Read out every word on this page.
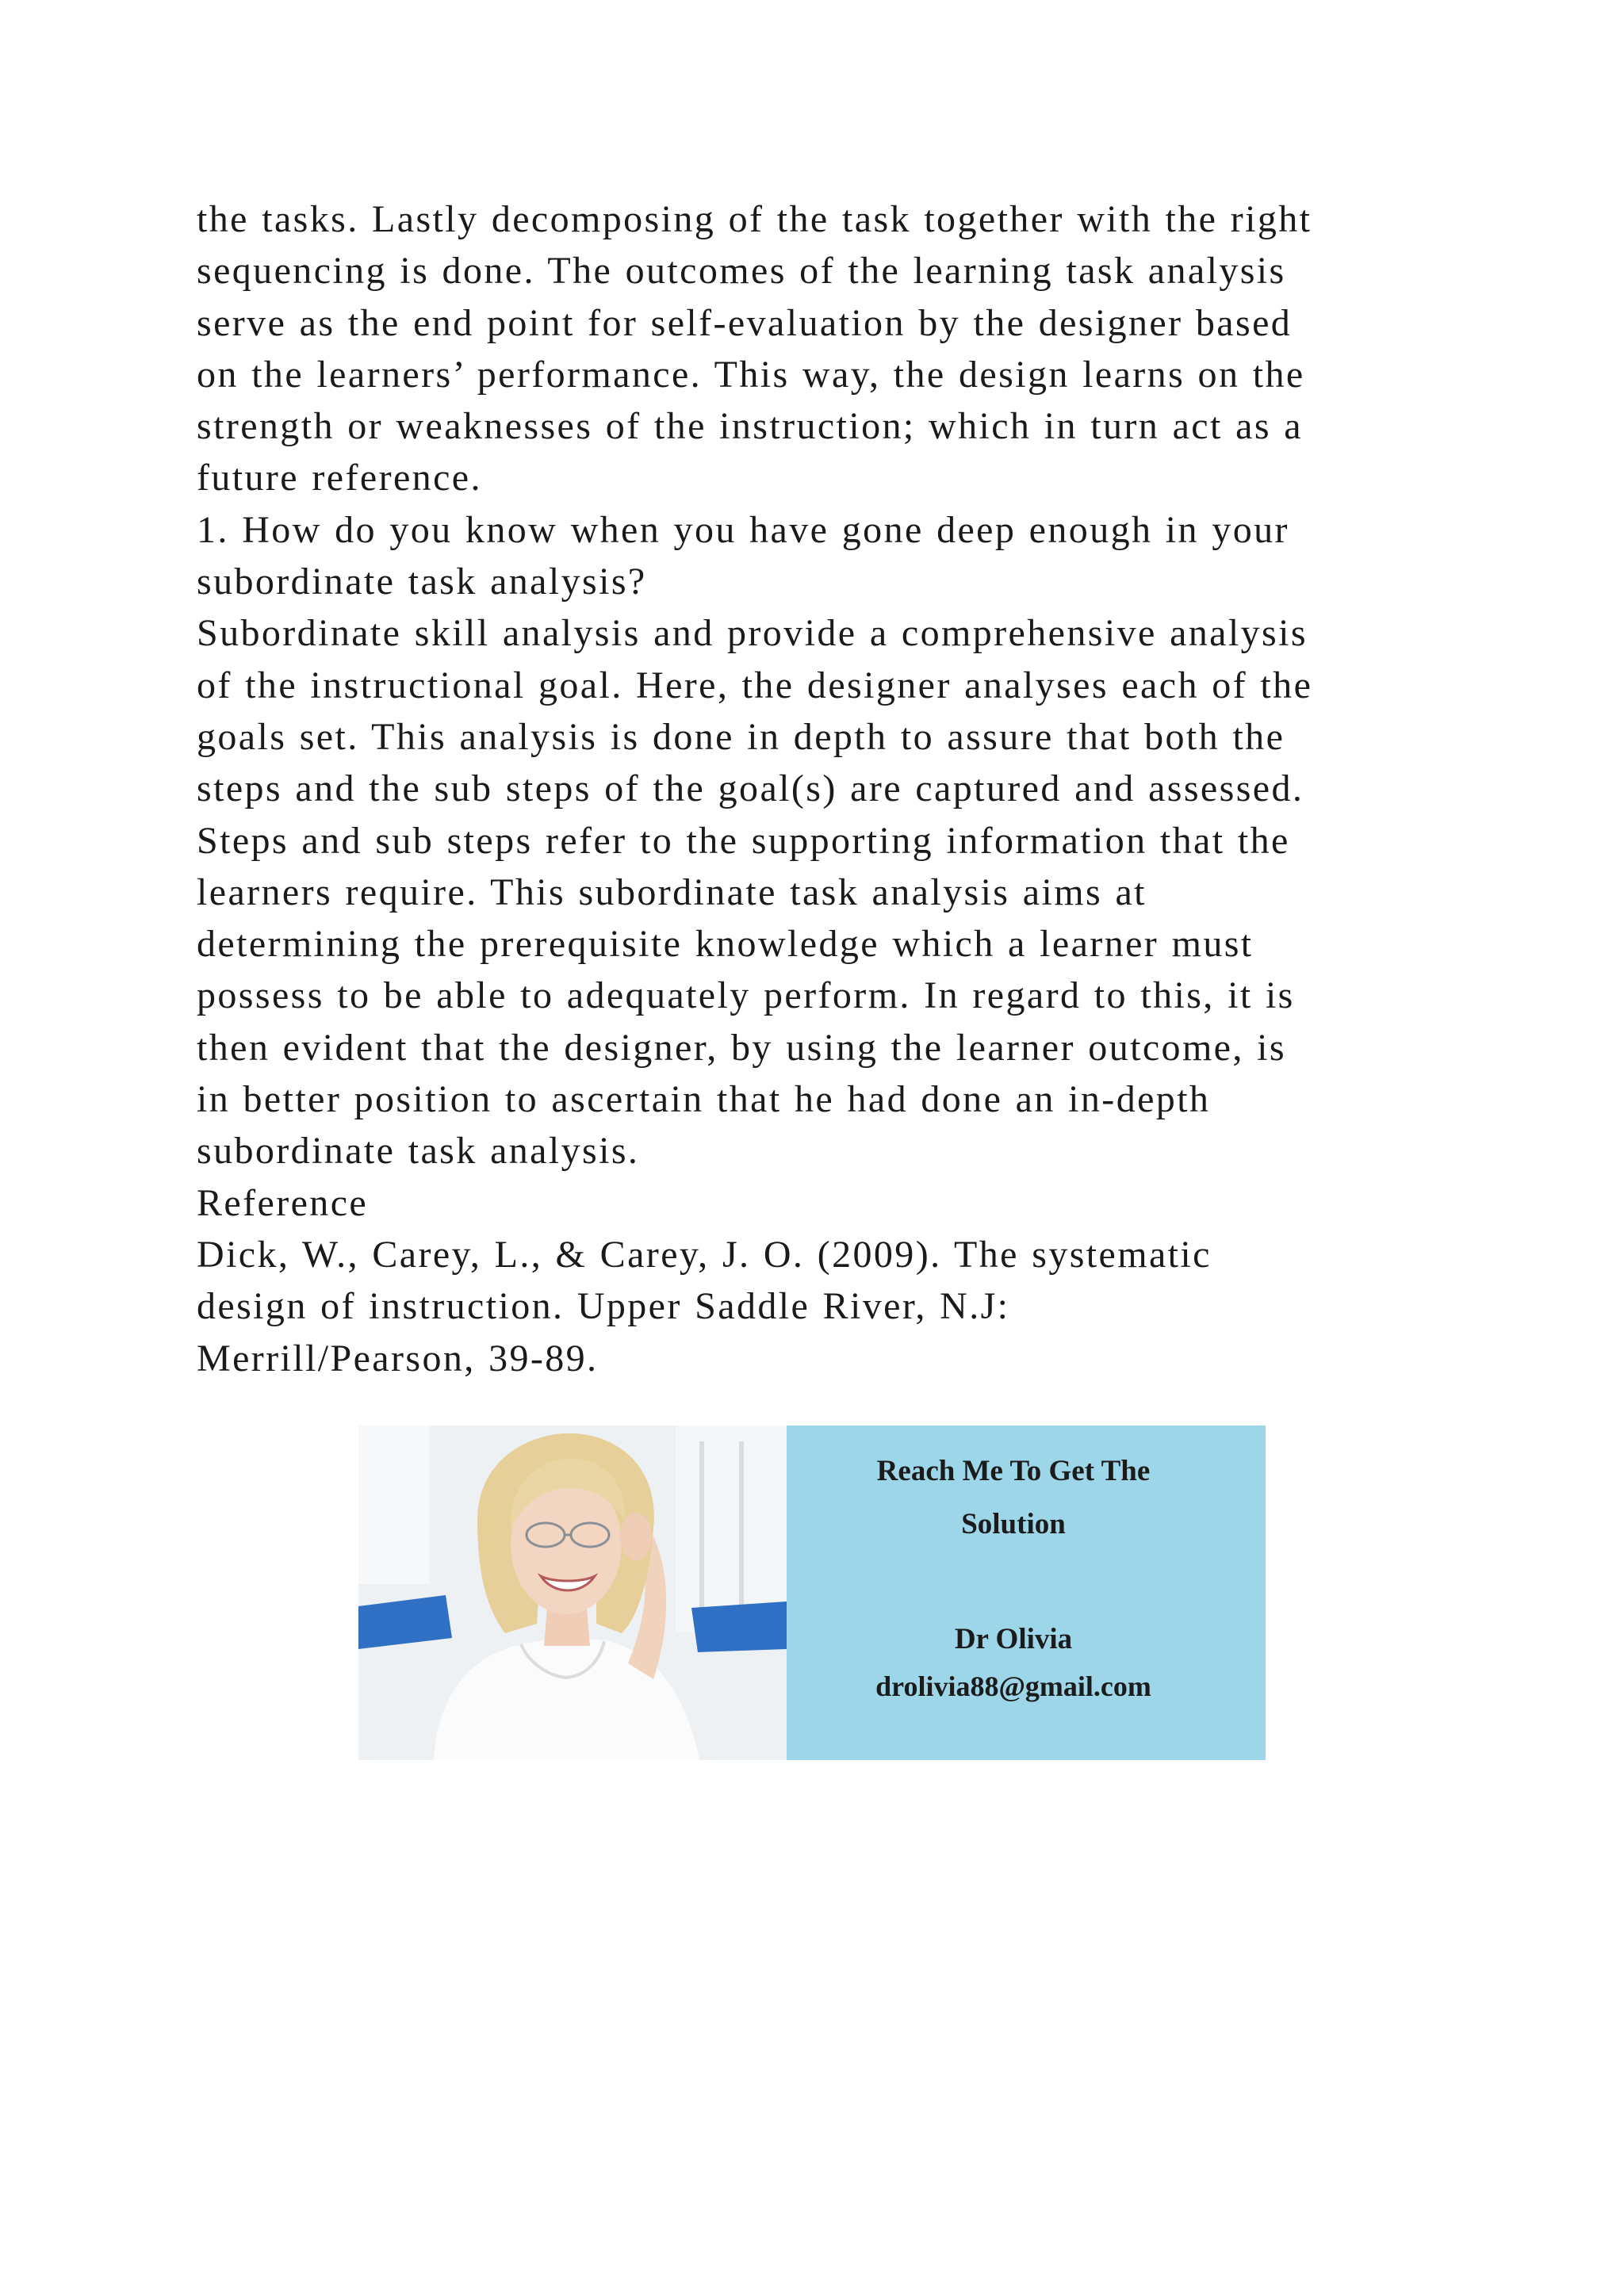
the tasks. Lastly decomposing of the task together with the right
sequencing is done. The outcomes of the learning task analysis
serve as the end point for self-evaluation by the designer based
on the learners’ performance. This way, the design learns on the
strength or weaknesses of the instruction; which in turn act as a
future reference.
1. How do you know when you have gone deep enough in your
subordinate task analysis?
Subordinate skill analysis and provide a comprehensive analysis
of the instructional goal. Here, the designer analyses each of the
goals set. This analysis is done in depth to assure that both the
steps and the sub steps of the goal(s) are captured and assessed.
Steps and sub steps refer to the supporting information that the
learners require. This subordinate task analysis aims at
determining the prerequisite knowledge which a learner must
possess to be able to adequately perform. In regard to this, it is
then evident that the designer, by using the learner outcome, is
in better position to ascertain that he had done an in-depth
subordinate task analysis.
Reference
Dick, W., Carey, L., & Carey, J. O. (2009). The systematic
design of instruction. Upper Saddle River, N.J:
Merrill/Pearson, 39-89.
Reach Me To Get The
Solution
Dr Olivia
drolivia88@gmail.com
